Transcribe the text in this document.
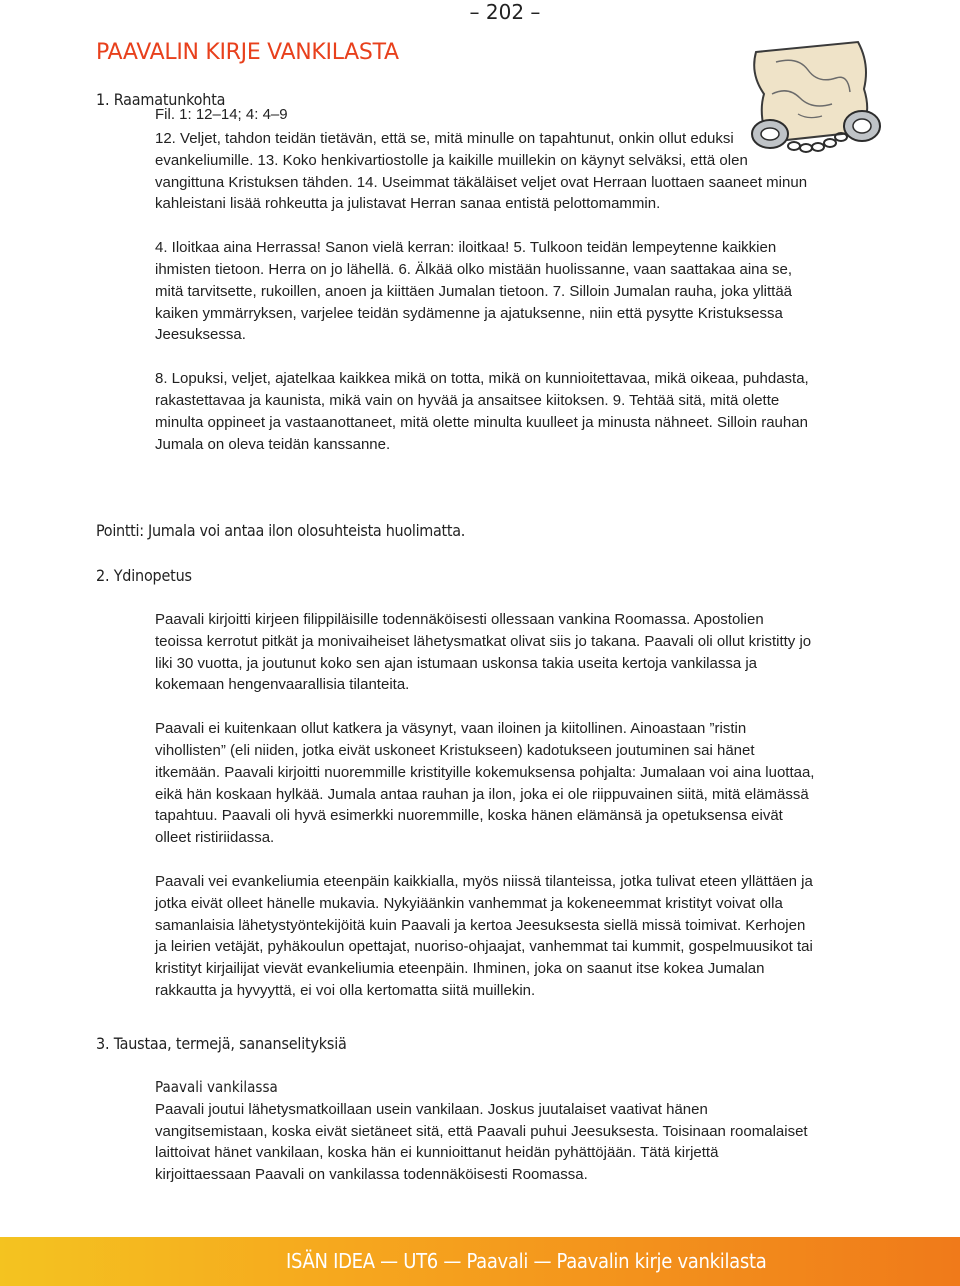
– 202 –
PAAVALIN KIRJE VANKILASTA
1. Raamatunkohta
Fil. 1: 12–14; 4: 4–9

12. Veljet, tahdon teidän tietävän, että se, mitä minulle on tapahtunut, onkin ollut eduksi evankeliumille. 13. Koko henkivartiostolle ja kaikille muillekin on käynyt selväksi, että olen vangittuna Kristuksen tähden. 14. Useimmat täkäläiset veljet ovat Herraan luottaen saaneet minun kahleistani lisää rohkeutta ja julistavat Herran sanaa entistä pelottomammin.

4. Iloitkaa aina Herrassa! Sanon vielä kerran: iloitkaa! 5. Tulkoon teidän lempeytenne kaikkien ihmisten tietoon. Herra on jo lähellä. 6. Älkää olko mistään huolissanne, vaan saattakaa aina se, mitä tarvitsette, rukoillen, anoen ja kiittäen Jumalan tietoon. 7. Silloin Jumalan rauha, joka ylittää kaiken ymmärryksen, varjelee teidän sydämenne ja ajatuksenne, niin että pysytte Kristuksessa Jeesuksessa.

8. Lopuksi, veljet, ajatelkaa kaikkea mikä on totta, mikä on kunnioitettavaa, mikä oikeaa, puhdasta, rakastettavaa ja kaunista, mikä vain on hyvää ja ansaitsee kiitoksen. 9. Tehtää sitä, mitä olette minulta oppineet ja vastaanottaneet, mitä olette minulta kuulleet ja minusta nähneet. Silloin rauhan Jumala on oleva teidän kanssanne.

Pointti: Jumala voi antaa ilon olosuhteista huolimatta.
2. Ydinopetus

Paavali kirjoitti kirjeen filippiläisille todennäköisesti ollessaan vankina Roomassa. Apostolien teoissa kerrotut pitkät ja monivaiheiset lähetysmatkat olivat siis jo takana. Paavali oli ollut kristitty jo liki 30 vuotta, ja joutunut koko sen ajan istumaan uskonsa takia useita kertoja vankilassa ja kokemaan hengenvaarallisia tilanteita.

Paavali ei kuitenkaan ollut katkera ja väsynyt, vaan iloinen ja kiitollinen. Ainoastaan ”ristin vihollisten” (eli niiden, jotka eivät uskoneet Kristukseen) kadotukseen joutuminen sai hänet itkemään. Paavali kirjoitti nuoremmille kristityille kokemuksensa pohjalta: Jumalaan voi aina luottaa, eikä hän koskaan hylkää. Jumala antaa rauhan ja ilon, joka ei ole riippuvainen siitä, mitä elämässä tapahtuu. Paavali oli hyvä esimerkki nuoremmille, koska hänen elämänsä ja opetuksensa eivät olleet ristiriidassa.

Paavali vei evankeliumia eteenpäin kaikkialla, myös niissä tilanteissa, jotka tulivat eteen yllättäen ja jotka eivät olleet hänelle mukavia. Nykyiäänkin vanhemmat ja kokeneemmat kristityt voivat olla samanlaisia lähetystyöntekijöitä kuin Paavali ja kertoa Jeesuksesta siellä missä toimivat. Kerhojen ja leirien vetäjät, pyhäkoulun opettajat, nuoriso-ohjaajat, vanhemmat tai kummit, gospelmuusikot tai kristityt kirjailijat vievät evankeliumia eteenpäin. Ihminen, joka on saanut itse kokea Jumalan rakkautta ja hyvyyttä, ei voi olla kertomatta siitä muillekin.

3. Taustaa, termejä, sananselityksiä

Paavali vankilassa

Paavali joutui lähetysmatkoillaan usein vankilaan. Joskus juutalaiset vaativat hänen vangitsemistaan, koska eivät sietäneet sitä, että Paavali puhui Jeesuksesta. Toisinaan roomalaiset laittoivat hänet vankilaan, koska hän ei kunnioittanut heidän pyhättöjään. Tätä kirjettä kirjoittaessaan Paavali on vankilassa todennäköisesti Roomassa.

ISÄN IDEA — UT6 — Paavali — Paavalin kirje vankilasta
